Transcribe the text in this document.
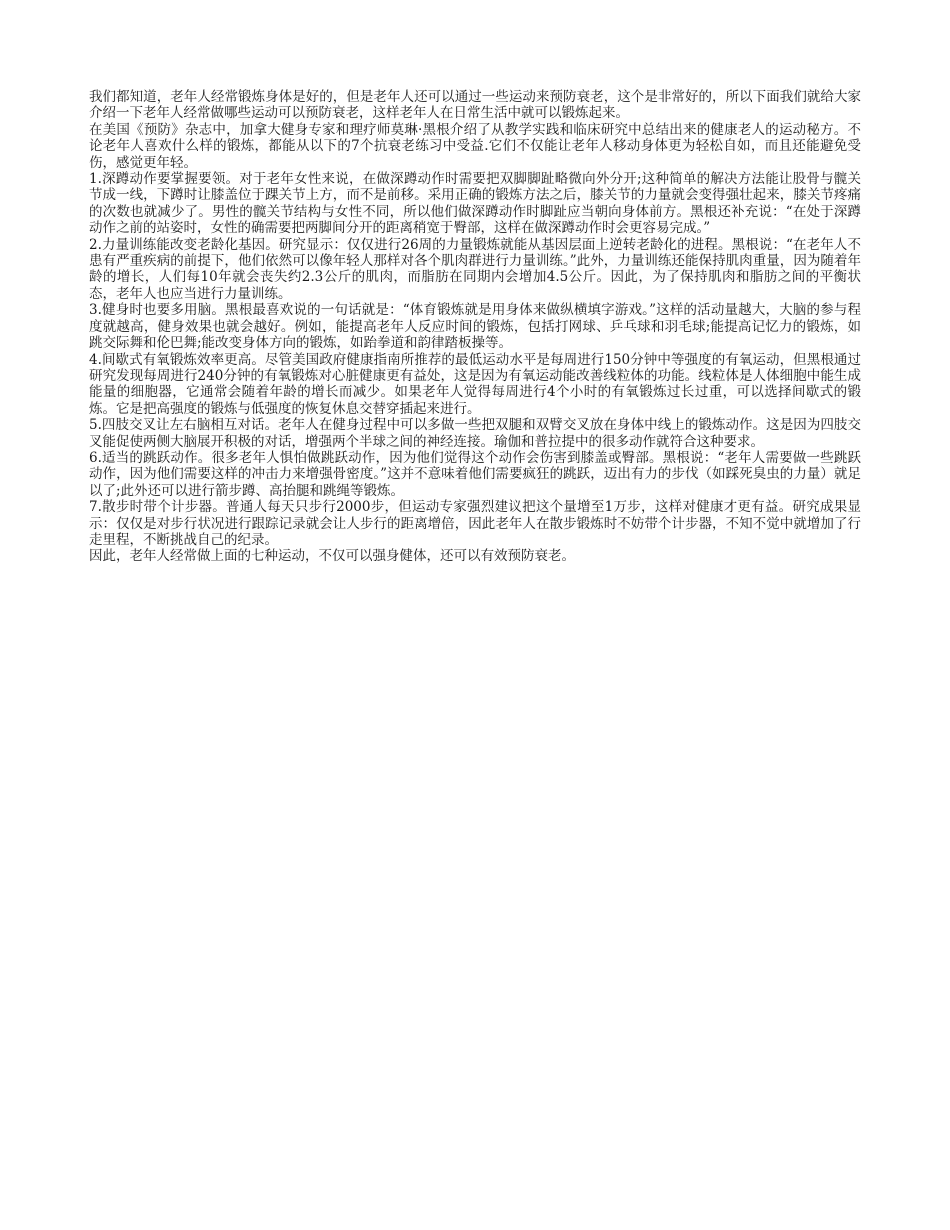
我们都知道，老年人经常锻炼身体是好的，但是老年人还可以通过一些运动来预防衰老，这个是非常好的，所以下面我们就给大家介绍一下老年人经常做哪些运动可以预防衰老，这样老年人在日常生活中就可以锻炼起来。

在美国《预防》杂志中，加拿大健身专家和理疗师莫琳·黑根介绍了从教学实践和临床研究中总结出来的健康老人的运动秘方。不论老年人喜欢什么样的锻炼，都能从以下的7个抗衰老练习中受益.它们不仅能让老年人移动身体更为轻松自如，而且还能避免受伤，感觉更年轻。

1.深蹲动作要掌握要领。对于老年女性来说，在做深蹲动作时需要把双脚脚趾略微向外分开;这种简单的解决方法能让股骨与髋关节成一线，下蹲时让膝盖位于踝关节上方，而不是前移。采用正确的锻炼方法之后，膝关节的力量就会变得强壮起来，膝关节疼痛的次数也就减少了。男性的髋关节结构与女性不同，所以他们做深蹲动作时脚趾应当朝向身体前方。黑根还补充说：“在处于深蹲动作之前的站姿时，女性的确需要把两脚间分开的距离稍宽于臀部，这样在做深蹲动作时会更容易完成。”

2.力量训练能改变老龄化基因。研究显示：仅仅进行26周的力量锻炼就能从基因层面上逆转老龄化的进程。黑根说：“在老年人不患有严重疾病的前提下，他们依然可以像年轻人那样对各个肌肉群进行力量训练。”此外，力量训练还能保持肌肉重量，因为随着年龄的增长，人们每10年就会丧失约2.3公斤的肌肉，而脂肪在同期内会增加4.5公斤。因此，为了保持肌肉和脂肪之间的平衡状态，老年人也应当进行力量训练。

3.健身时也要多用脑。黑根最喜欢说的一句话就是：“体育锻炼就是用身体来做纵横填字游戏。”这样的活动量越大，大脑的参与程度就越高，健身效果也就会越好。例如，能提高老年人反应时间的锻炼，包括打网球、乒乓球和羽毛球;能提高记忆力的锻炼，如跳交际舞和伦巴舞;能改变身体方向的锻炼，如跆拳道和韵律踏板操等。

4.间歇式有氧锻炼效率更高。尽管美国政府健康指南所推荐的最低运动水平是每周进行150分钟中等强度的有氧运动，但黑根通过研究发现每周进行240分钟的有氧锻炼对心脏健康更有益处，这是因为有氧运动能改善线粒体的功能。线粒体是人体细胞中能生成能量的细胞器，它通常会随着年龄的增长而减少。如果老年人觉得每周进行4个小时的有氧锻炼过长过重，可以选择间歇式的锻炼。它是把高强度的锻炼与低强度的恢复休息交替穿插起来进行。

5.四肢交叉让左右脑相互对话。老年人在健身过程中可以多做一些把双腿和双臂交叉放在身体中线上的锻炼动作。这是因为四肢交叉能促使两侧大脑展开积极的对话，增强两个半球之间的神经连接。瑜伽和普拉提中的很多动作就符合这种要求。

6.适当的跳跃动作。很多老年人惧怕做跳跃动作，因为他们觉得这个动作会伤害到膝盖或臀部。黑根说：“老年人需要做一些跳跃动作，因为他们需要这样的冲击力来增强骨密度。”这并不意味着他们需要疯狂的跳跃，迈出有力的步伐（如踩死臭虫的力量）就足以了;此外还可以进行箭步蹲、高抬腿和跳绳等锻炼。

7.散步时带个计步器。普通人每天只步行2000步，但运动专家强烈建议把这个量增至1万步，这样对健康才更有益。研究成果显示：仅仅是对步行状况进行跟踪记录就会让人步行的距离增倍，因此老年人在散步锻炼时不妨带个计步器，不知不觉中就增加了行走里程，不断挑战自己的纪录。

因此，老年人经常做上面的七种运动，不仅可以强身健体，还可以有效预防衰老。
